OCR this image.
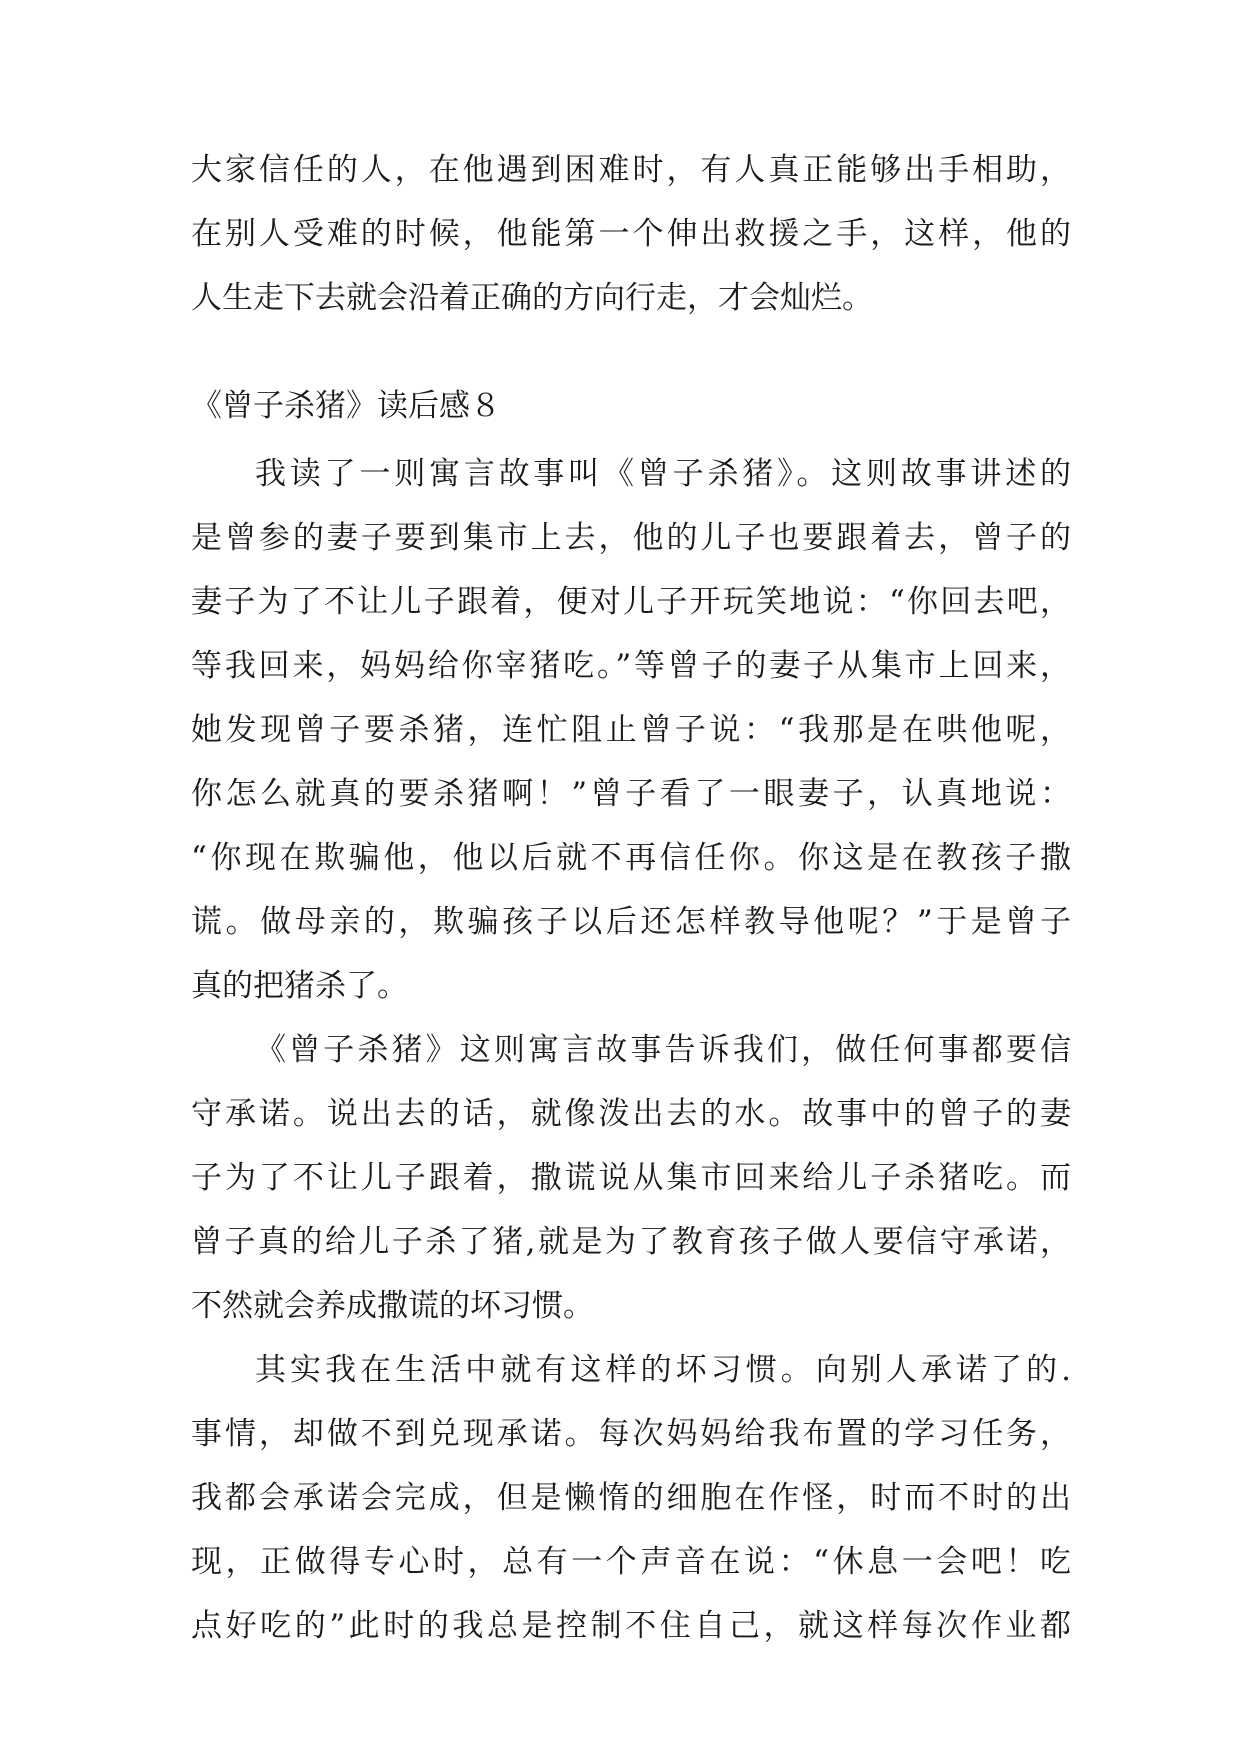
大家信任的人，在他遇到困难时，有人真正能够出手相助，
在别人受难的时候，他能第一个伸出救援之手，这样，他的
人生走下去就会沿着正确的方向行走，才会灿烂。
《曾子杀猪》读后感８
我读了一则寓言故事叫《曾子杀猪》。这则故事讲述的
是曾参的妻子要到集市上去，他的儿子也要跟着去，曾子的
妻子为了不让儿子跟着，便对儿子开玩笑地说：“你回去吧，
等我回来，妈妈给你宰猪吃。”等曾子的妻子从集市上回来，
她发现曾子要杀猪，连忙阻止曾子说：“我那是在哄他呢，
你怎么就真的要杀猪啊！”曾子看了一眼妻子，认真地说：
“你现在欺骗他，他以后就不再信任你。你这是在教孩子撒
谎。做母亲的，欺骗孩子以后还怎样教导他呢？”于是曾子
真的把猪杀了。
《曾子杀猪》这则寓言故事告诉我们，做任何事都要信
守承诺。说出去的话，就像泼出去的水。故事中的曾子的妻
子为了不让儿子跟着，撒谎说从集市回来给儿子杀猪吃。而
曾子真的给儿子杀了猪,就是为了教育孩子做人要信守承诺，
不然就会养成撒谎的坏习惯。
其实我在生活中就有这样的坏习惯。向别人承诺了的.
事情，却做不到兑现承诺。每次妈妈给我布置的学习任务，
我都会承诺会完成，但是懒惰的细胞在作怪，时而不时的出
现，正做得专心时，总有一个声音在说：“休息一会吧！吃
点好吃的”此时的我总是控制不住自己，就这样每次作业都
